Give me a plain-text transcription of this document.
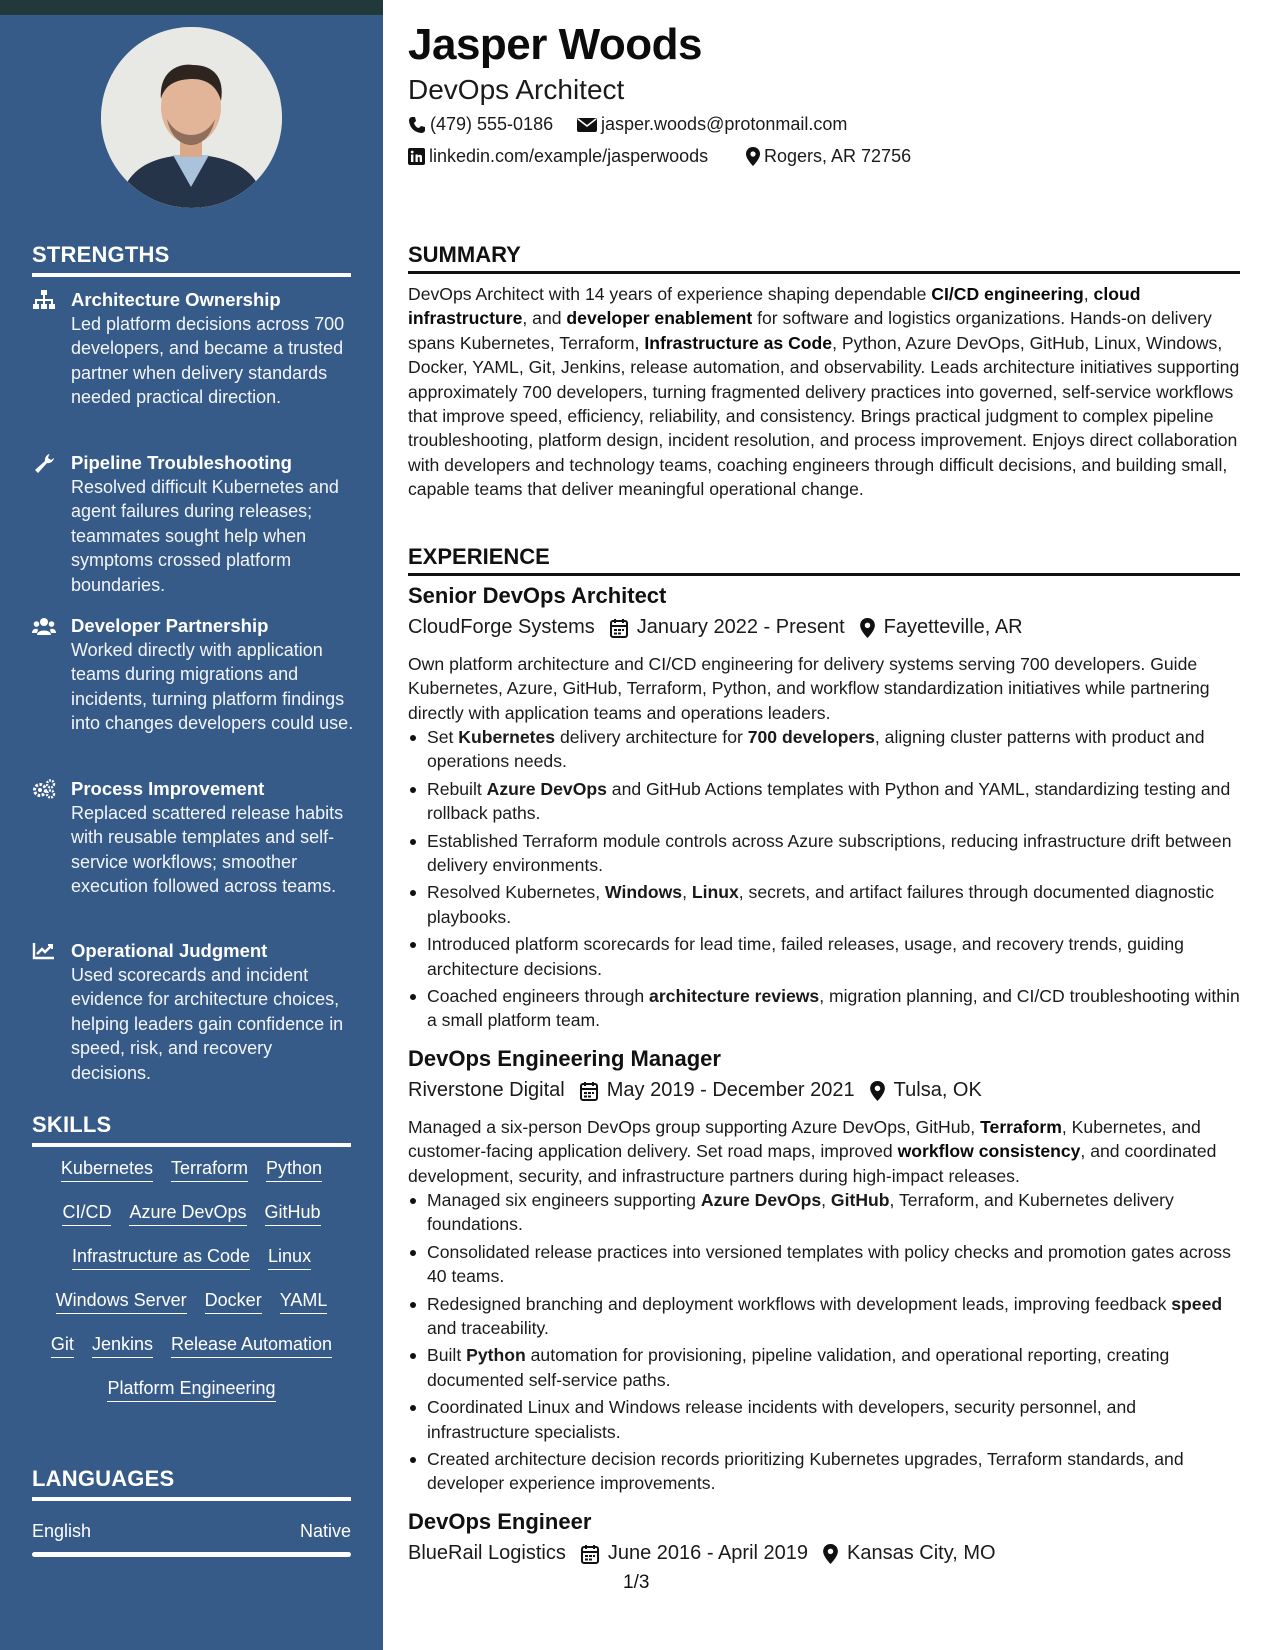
STRENGTHS
Architecture Ownership
Led platform decisions across 700 developers, and became a trusted partner when delivery standards needed practical direction.
Pipeline Troubleshooting
Resolved difficult Kubernetes and agent failures during releases; teammates sought help when symptoms crossed platform boundaries.
Developer Partnership
Worked directly with application teams during migrations and incidents, turning platform findings into changes developers could use.
Process Improvement
Replaced scattered release habits with reusable templates and self-service workflows; smoother execution followed across teams.
Operational Judgment
Used scorecards and incident evidence for architecture choices, helping leaders gain confidence in speed, risk, and recovery decisions.
SKILLS
Kubernetes Terraform Python
CI/CD Azure DevOps GitHub
Infrastructure as Code Linux
Windows Server Docker YAML
Git Jenkins Release Automation
Platform Engineering
LANGUAGES
English	Native
Jasper Woods
DevOps Architect
(479) 555-0186	jasper.woods@protonmail.com
linkedin.com/example/jasperwoods	Rogers, AR 72756
SUMMARY
DevOps Architect with 14 years of experience shaping dependable CI/CD engineering, cloud infrastructure, and developer enablement for software and logistics organizations. Hands-on delivery spans Kubernetes, Terraform, Infrastructure as Code, Python, Azure DevOps, GitHub, Linux, Windows, Docker, YAML, Git, Jenkins, release automation, and observability. Leads architecture initiatives supporting approximately 700 developers, turning fragmented delivery practices into governed, self-service workflows that improve speed, efficiency, reliability, and consistency. Brings practical judgment to complex pipeline troubleshooting, platform design, incident resolution, and process improvement. Enjoys direct collaboration with developers and technology teams, coaching engineers through difficult decisions, and building small, capable teams that deliver meaningful operational change.
EXPERIENCE
Senior DevOps Architect
CloudForge Systems January 2022 - Present Fayetteville, AR
Own platform architecture and CI/CD engineering for delivery systems serving 700 developers. Guide Kubernetes, Azure, GitHub, Terraform, Python, and workflow standardization initiatives while partnering directly with application teams and operations leaders.
Set Kubernetes delivery architecture for 700 developers, aligning cluster patterns with product and operations needs.
Rebuilt Azure DevOps and GitHub Actions templates with Python and YAML, standardizing testing and rollback paths.
Established Terraform module controls across Azure subscriptions, reducing infrastructure drift between delivery environments.
Resolved Kubernetes, Windows, Linux, secrets, and artifact failures through documented diagnostic playbooks.
Introduced platform scorecards for lead time, failed releases, usage, and recovery trends, guiding architecture decisions.
Coached engineers through architecture reviews, migration planning, and CI/CD troubleshooting within a small platform team.
DevOps Engineering Manager
Riverstone Digital May 2019 - December 2021 Tulsa, OK
Managed a six-person DevOps group supporting Azure DevOps, GitHub, Terraform, Kubernetes, and customer-facing application delivery. Set road maps, improved workflow consistency, and coordinated development, security, and infrastructure partners during high-impact releases.
Managed six engineers supporting Azure DevOps, GitHub, Terraform, and Kubernetes delivery foundations.
Consolidated release practices into versioned templates with policy checks and promotion gates across 40 teams.
Redesigned branching and deployment workflows with development leads, improving feedback speed and traceability.
Built Python automation for provisioning, pipeline validation, and operational reporting, creating documented self-service paths.
Coordinated Linux and Windows release incidents with developers, security personnel, and infrastructure specialists.
Created architecture decision records prioritizing Kubernetes upgrades, Terraform standards, and developer experience improvements.
DevOps Engineer
BlueRail Logistics June 2016 - April 2019 Kansas City, MO
1/3
